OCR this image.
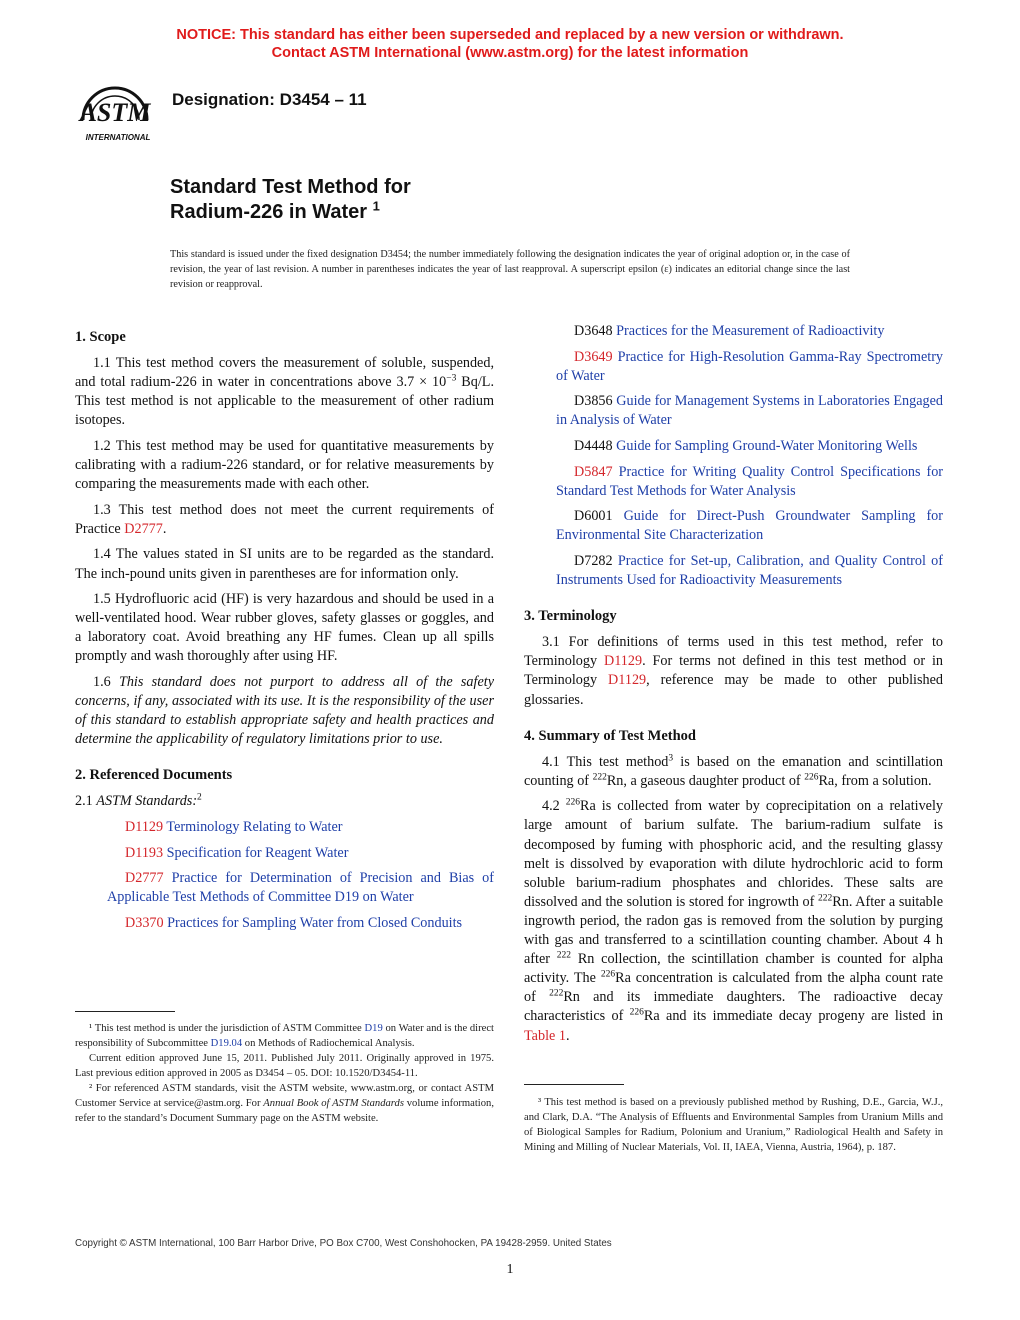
NOTICE: This standard has either been superseded and replaced by a new version or withdrawn.
Contact ASTM International (www.astm.org) for the latest information
ASTM
INTERNATIONAL
Designation: D3454 – 11
Standard Test Method for
Radium-226 in Water $^1$
This standard is issued under the fixed designation D3454; the number immediately following the designation indicates the year of original adoption or, in the case of revision, the year of last revision. A number in parentheses indicates the year of last reapproval. A superscript epsilon (ε) indicates an editorial change since the last revision or reapproval.
1. Scope

1.1 This test method covers the measurement of soluble, suspended, and total radium-226 in water in concentrations above $3.7 \times 10^{-3}$ Bq/L. This test method is not applicable to the measurement of other radium isotopes.

1.2 This test method may be used for quantitative measurements by calibrating with a radium-226 standard, or for relative measurements by comparing the measurements made with each other.

1.3 This test method does not meet the current requirements of Practice D2777.

1.4 The values stated in SI units are to be regarded as the standard. The inch-pound units given in parentheses are for information only.

1.5 Hydrofluoric acid (HF) is very hazardous and should be used in a well-ventilated hood. Wear rubber gloves, safety glasses or goggles, and a laboratory coat. Avoid breathing any HF fumes. Clean up all spills promptly and wash thoroughly after using HF.

1.6 This standard does not purport to address all of the safety concerns, if any, associated with its use. It is the responsibility of the user of this standard to establish appropriate safety and health practices and determine the applicability of regulatory limitations prior to use.

2. Referenced Documents

2.1 ASTM Standards:$^2$

D1129 Terminology Relating to Water

D1193 Specification for Reagent Water

D2777 Practice for Determination of Precision and Bias of Applicable Test Methods of Committee D19 on Water

D3370 Practices for Sampling Water from Closed Conduits

D3648 Practices for the Measurement of Radioactivity

D3649 Practice for High-Resolution Gamma-Ray Spectrometry of Water

D3856 Guide for Management Systems in Laboratories Engaged in Analysis of Water

D4448 Guide for Sampling Ground-Water Monitoring Wells

D5847 Practice for Writing Quality Control Specifications for Standard Test Methods for Water Analysis

D6001 Guide for Direct-Push Groundwater Sampling for Environmental Site Characterization

D7282 Practice for Set-up, Calibration, and Quality Control of Instruments Used for Radioactivity Measurements

3. Terminology

3.1 For definitions of terms used in this test method, refer to Terminology D1129. For terms not defined in this test method or in Terminology D1129, reference may be made to other published glossaries.

4. Summary of Test Method

4.1 This test method$^3$ is based on the emanation and scintillation counting of $^{222}$Rn, a gaseous daughter product of $^{226}$Ra, from a solution.

4.2 $^{226}$Ra is collected from water by coprecipitation on a relatively large amount of barium sulfate. The barium-radium sulfate is decomposed by fuming with phosphoric acid, and the resulting glassy melt is dissolved by evaporation with dilute hydrochloric acid to form soluble barium-radium phosphates and chlorides. These salts are dissolved and the solution is stored for ingrowth of $^{222}$Rn. After a suitable ingrowth period, the radon gas is removed from the solution by purging with gas and transferred to a scintillation counting chamber. About 4 h after $^{222}$ Rn collection, the scintillation chamber is counted for alpha activity. The $^{226}$Ra concentration is calculated from the alpha count rate of $^{222}$Rn and its immediate daughters. The radioactive decay characteristics of $^{226}$Ra and its immediate decay progeny are listed in Table 1.

¹ This test method is under the jurisdiction of ASTM Committee D19 on Water and is the direct responsibility of Subcommittee D19.04 on Methods of Radiochemical Analysis.

Current edition approved June 15, 2011. Published July 2011. Originally approved in 1975. Last previous edition approved in 2005 as D3454 – 05. DOI: 10.1520/D3454-11.

² For referenced ASTM standards, visit the ASTM website, www.astm.org, or contact ASTM Customer Service at service@astm.org. For Annual Book of ASTM Standards volume information, refer to the standard’s Document Summary page on the ASTM website.

³ This test method is based on a previously published method by Rushing, D.E., Garcia, W.J., and Clark, D.A. “The Analysis of Effluents and Environmental Samples from Uranium Mills and of Biological Samples for Radium, Polonium and Uranium,” Radiological Health and Safety in Mining and Milling of Nuclear Materials, Vol. II, IAEA, Vienna, Austria, 1964), p. 187.

Copyright © ASTM International, 100 Barr Harbor Drive, PO Box C700, West Conshohocken, PA 19428-2959. United States
1
